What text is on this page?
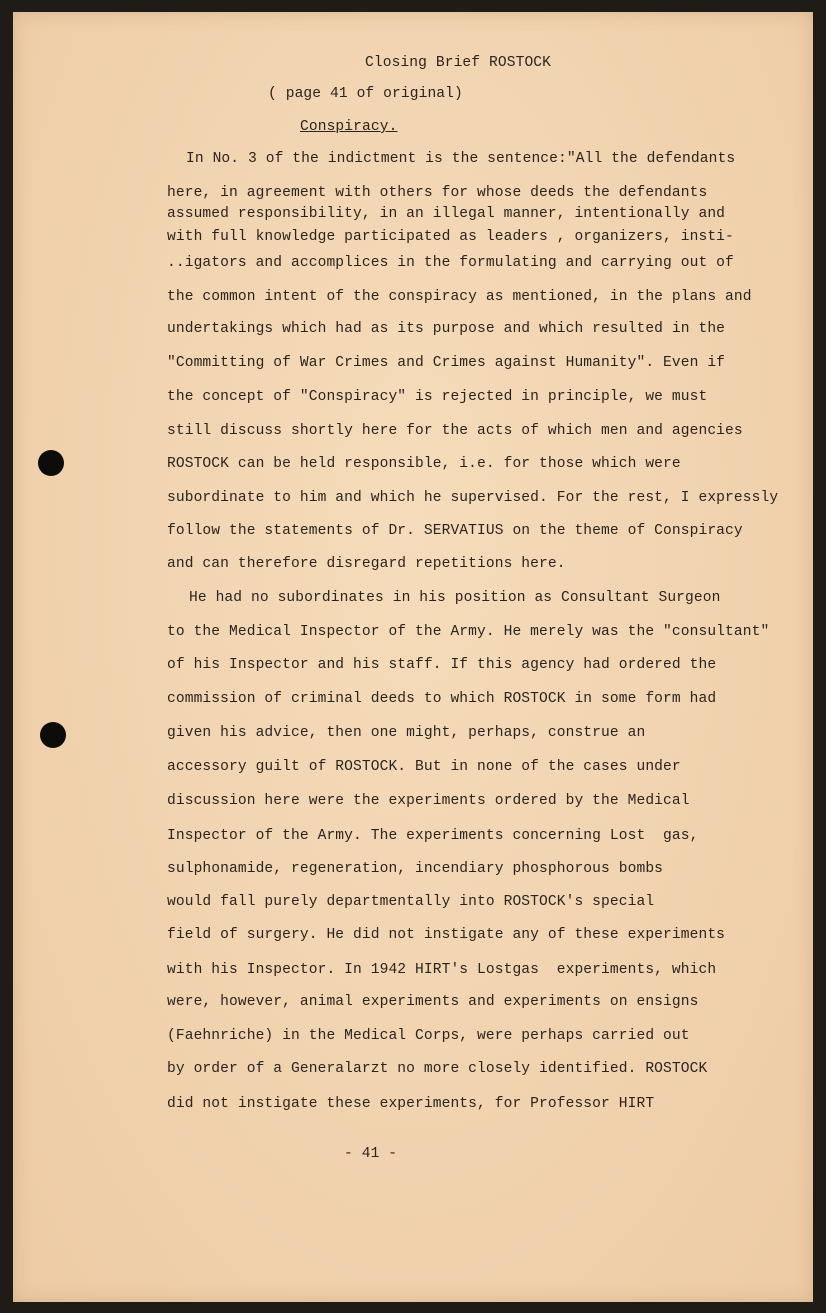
Closing Brief ROSTOCK
( page 41 of original)
Conspiracy.
In No. 3 of the indictment is the sentence:"All the defendants
here, in agreement with others for whose deeds the defendants
assumed responsibility, in an illegal manner, intentionally and
with full knowledge participated as leaders , organizers, insti-
..igators and accomplices in the formulating and carrying out of
the common intent of the conspiracy as mentioned, in the plans and
undertakings which had as its purpose and which resulted in the
"Committing of War Crimes and Crimes against Humanity". Even if
the concept of "Conspiracy" is rejected in principle, we must
still discuss shortly here for the acts of which men and agencies
ROSTOCK can be held responsible, i.e. for those which were
subordinate to him and which he supervised. For the rest, I expressly
follow the statements of Dr. SERVATIUS on the theme of Conspiracy
and can therefore disregard repetitions here.
He had no subordinates in his position as Consultant Surgeon
to the Medical Inspector of the Army. He merely was the "consultant"
of his Inspector and his staff. If this agency had ordered the
commission of criminal deeds to which ROSTOCK in some form had
given his advice, then one might, perhaps, construe an
accessory guilt of ROSTOCK. But in none of the cases under
discussion here were the experiments ordered by the Medical
Inspector of the Army. The experiments concerning Lost  gas,
sulphonamide, regeneration, incendiary phosphorous bombs
would fall purely departmentally into ROSTOCK's special
field of surgery. He did not instigate any of these experiments
with his Inspector. In 1942 HIRT's Lostgas  experiments, which
were, however, animal experiments and experiments on ensigns
(Faehnriche) in the Medical Corps, were perhaps carried out
by order of a Generalarzt no more closely identified. ROSTOCK
did not instigate these experiments, for Professor HIRT
- 41 -
